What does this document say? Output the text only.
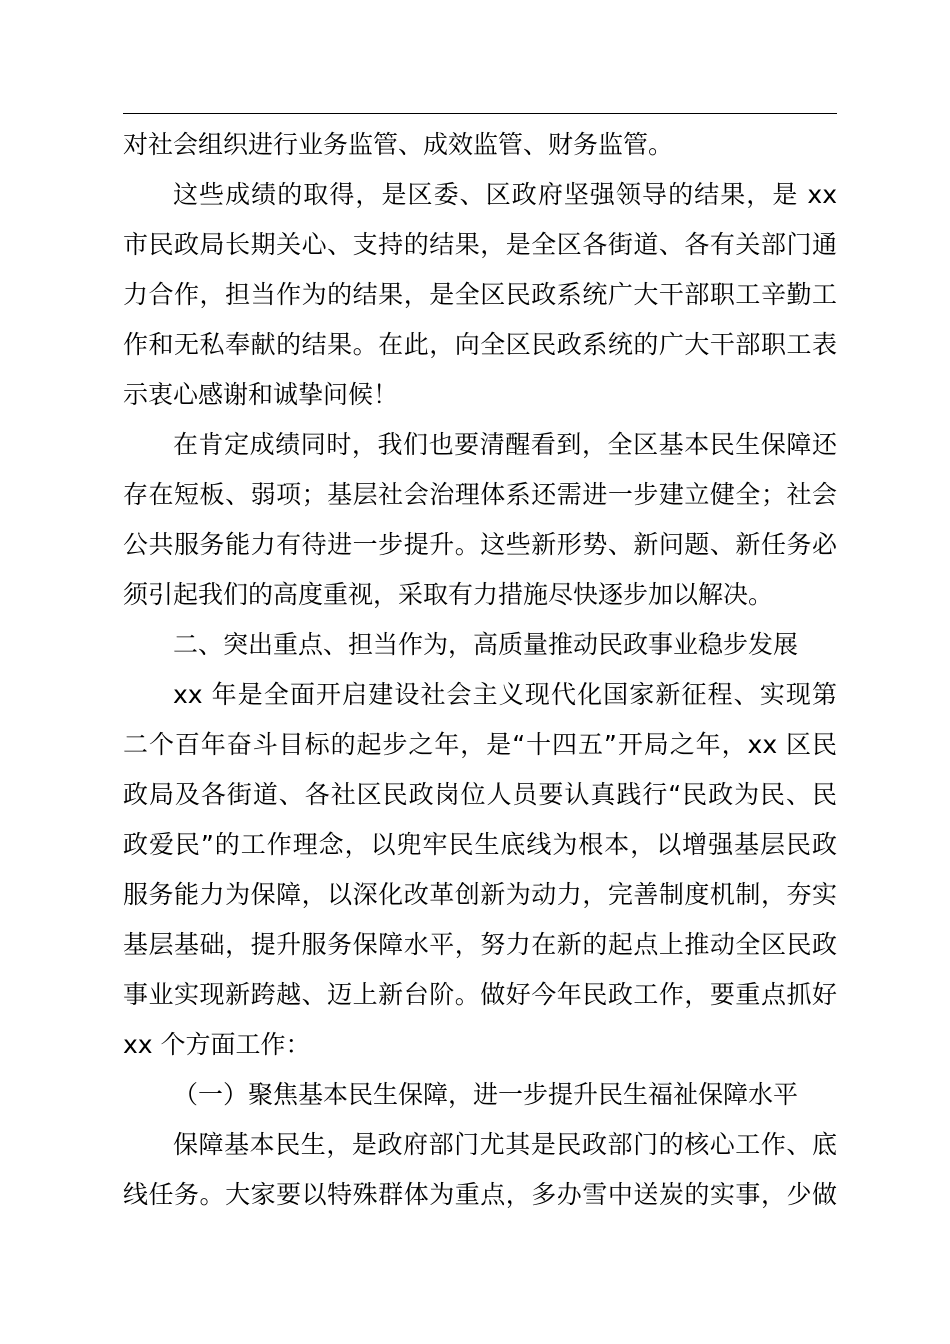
对社会组织进行业务监管、成效监管、财务监管。
这些成绩的取得，是区委、区政府坚强领导的结果，是 xx
市民政局长期关心、支持的结果，是全区各街道、各有关部门通
力合作，担当作为的结果，是全区民政系统广大干部职工辛勤工
作和无私奉献的结果。在此，向全区民政系统的广大干部职工表
示衷心感谢和诚挚问候！
在肯定成绩同时，我们也要清醒看到，全区基本民生保障还
存在短板、弱项；基层社会治理体系还需进一步建立健全；社会
公共服务能力有待进一步提升。这些新形势、新问题、新任务必
须引起我们的高度重视，采取有力措施尽快逐步加以解决。
二、突出重点、担当作为，高质量推动民政事业稳步发展
xx 年是全面开启建设社会主义现代化国家新征程、实现第
二个百年奋斗目标的起步之年，是“十四五”开局之年，xx 区民
政局及各街道、各社区民政岗位人员要认真践行“民政为民、民
政爱民”的工作理念，以兜牢民生底线为根本，以增强基层民政
服务能力为保障，以深化改革创新为动力，完善制度机制，夯实
基层基础，提升服务保障水平，努力在新的起点上推动全区民政
事业实现新跨越、迈上新台阶。做好今年民政工作，要重点抓好
xx 个方面工作：
（一）聚焦基本民生保障，进一步提升民生福祉保障水平
保障基本民生，是政府部门尤其是民政部门的核心工作、底
线任务。大家要以特殊群体为重点，多办雪中送炭的实事，少做
